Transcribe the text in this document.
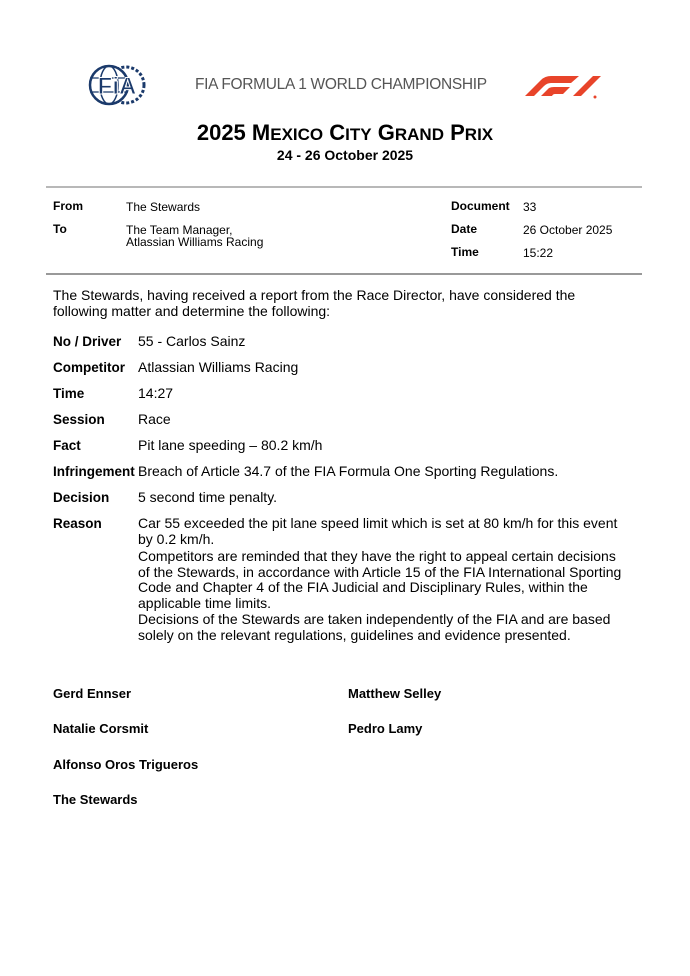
FiA	FIA FORMULA 1 WORLD CHAMPIONSHIP
2025 MEXICO CITY GRAND PRIX
24 - 26 October 2025
From	The Stewards
To	The Team Manager,
Atlassian Williams Racing
Document 33
Date	26 October 2025
Time	15:22
The Stewards, having received a report from the Race Director, have considered the following matter and determine the following:
No / Driver 55 - Carlos Sainz
Competitor Atlassian Williams Racing
Time	14:27
Session Race
Fact	Pit lane speeding – 80.2 km/h
Infringement Breach of Article 34.7 of the FIA Formula One Sporting Regulations.
Decision 5 second time penalty.
Reason	Car 55 exceeded the pit lane speed limit which is set at 80 km/h for this event by 0.2 km/h.
Competitors are reminded that they have the right to appeal certain decisions of the Stewards, in accordance with Article 15 of the FIA International Sporting Code and Chapter 4 of the FIA Judicial and Disciplinary Rules, within the applicable time limits.
Decisions of the Stewards are taken independently of the FIA and are based solely on the relevant regulations, guidelines and evidence presented.
Gerd Ennser	Matthew Selley
Natalie Corsmit	Pedro Lamy
Alfonso Oros Trigueros
The Stewards
